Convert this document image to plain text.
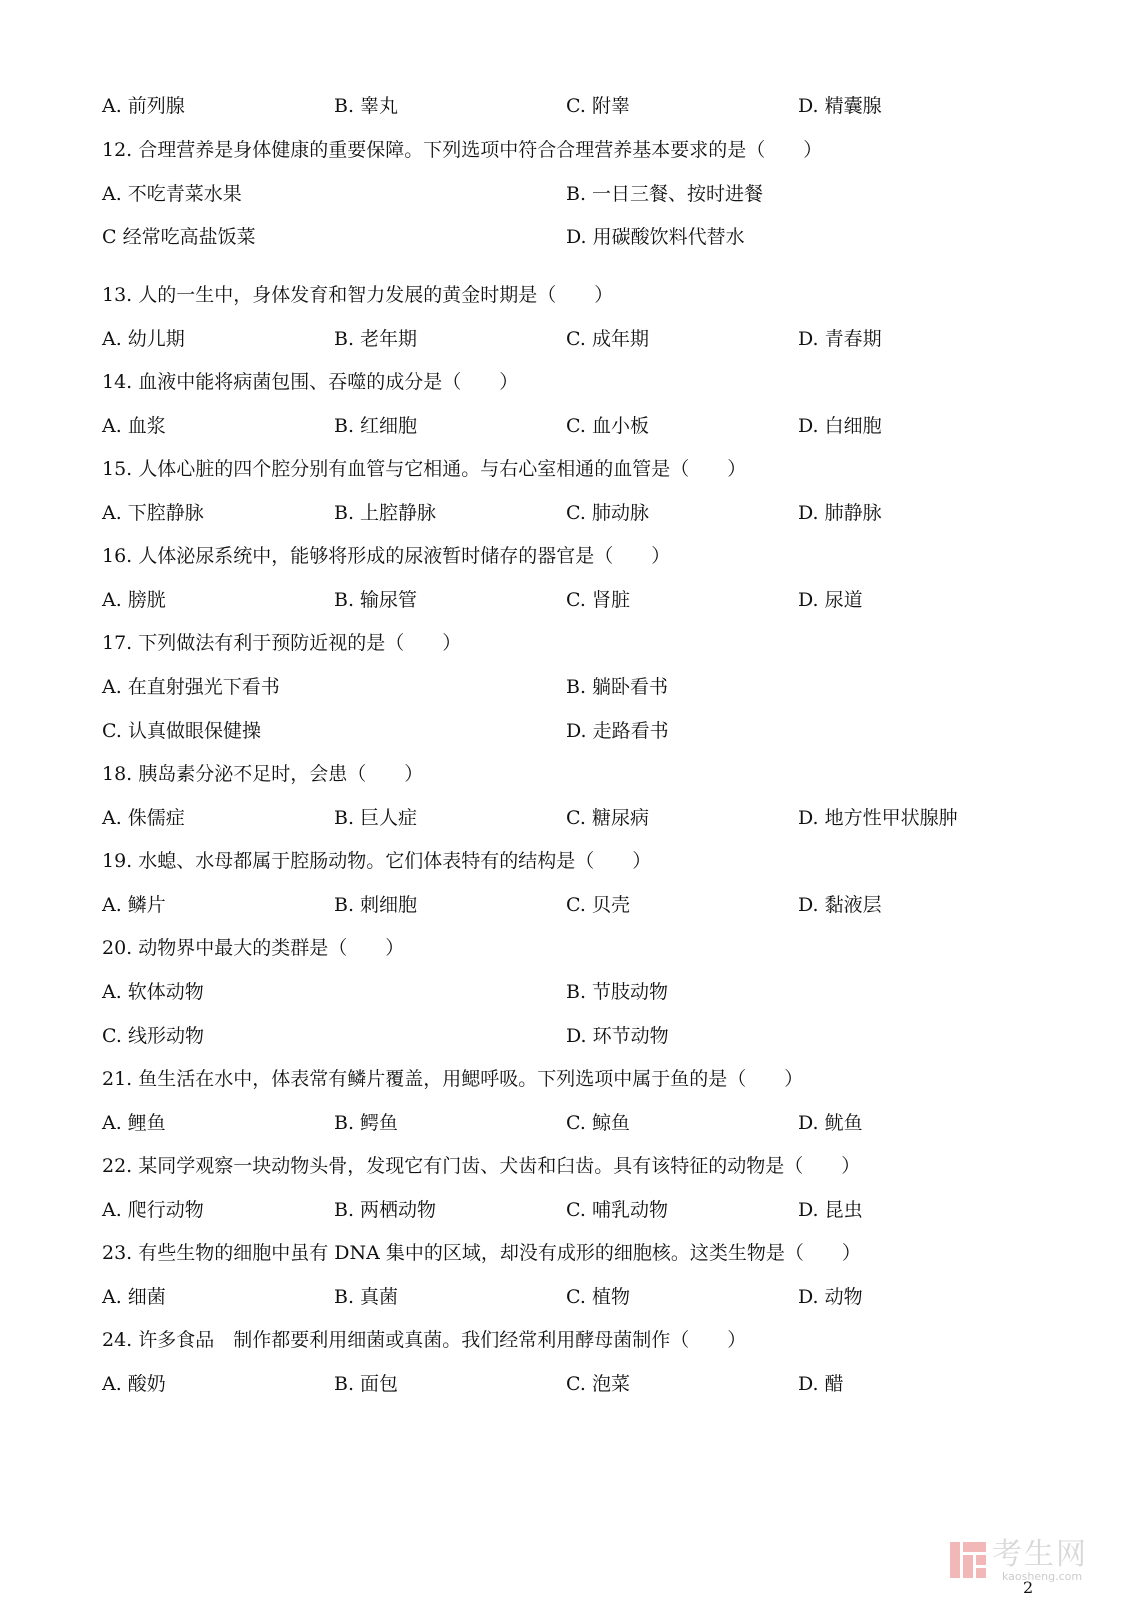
A. 前列腺	B. 睾丸	C. 附睾	D. 精囊腺
12. 合理营养是身体健康的重要保障。下列选项中符合合理营养基本要求的是（　　）
A. 不吃青菜水果	B. 一日三餐、按时进餐
C 经常吃高盐饭菜	D. 用碳酸饮料代替水
13. 人的一生中，身体发育和智力发展的黄金时期是（　　）
A. 幼儿期	B. 老年期	C. 成年期	D. 青春期
14. 血液中能将病菌包围、吞噬的成分是（　　）
A. 血浆	B. 红细胞	C. 血小板	D. 白细胞
15. 人体心脏的四个腔分别有血管与它相通。与右心室相通的血管是（　　）
A. 下腔静脉	B. 上腔静脉	C. 肺动脉	D. 肺静脉
16. 人体泌尿系统中，能够将形成的尿液暂时储存的器官是（　　）
A. 膀胱	B. 输尿管	C. 肾脏	D. 尿道
17. 下列做法有利于预防近视的是（　　）
A. 在直射强光下看书	B. 躺卧看书
C. 认真做眼保健操	D. 走路看书
18. 胰岛素分泌不足时，会患（　　）
A. 侏儒症	B. 巨人症	C. 糖尿病	D. 地方性甲状腺肿
19. 水螅、水母都属于腔肠动物。它们体表特有的结构是（　　）
A. 鳞片	B. 刺细胞	C. 贝壳	D. 黏液层
20. 动物界中最大的类群是（　　）
A. 软体动物	B. 节肢动物
C. 线形动物	D. 环节动物
21. 鱼生活在水中，体表常有鳞片覆盖，用鳃呼吸。下列选项中属于鱼的是（　　）
A. 鲤鱼	B. 鳄鱼	C. 鲸鱼	D. 鱿鱼
22. 某同学观察一块动物头骨，发现它有门齿、犬齿和臼齿。具有该特征的动物是（　　）
A. 爬行动物	B. 两栖动物	C. 哺乳动物	D. 昆虫
23. 有些生物的细胞中虽有 DNA 集中的区域，却没有成形的细胞核。这类生物是（　　）
A. 细菌	B. 真菌	C. 植物	D. 动物
24. 许多食品　制作都要利用细菌或真菌。我们经常利用酵母菌制作（　　）
A. 酸奶	B. 面包	C. 泡菜	D. 醋
考生网
kaosheng.com
2
